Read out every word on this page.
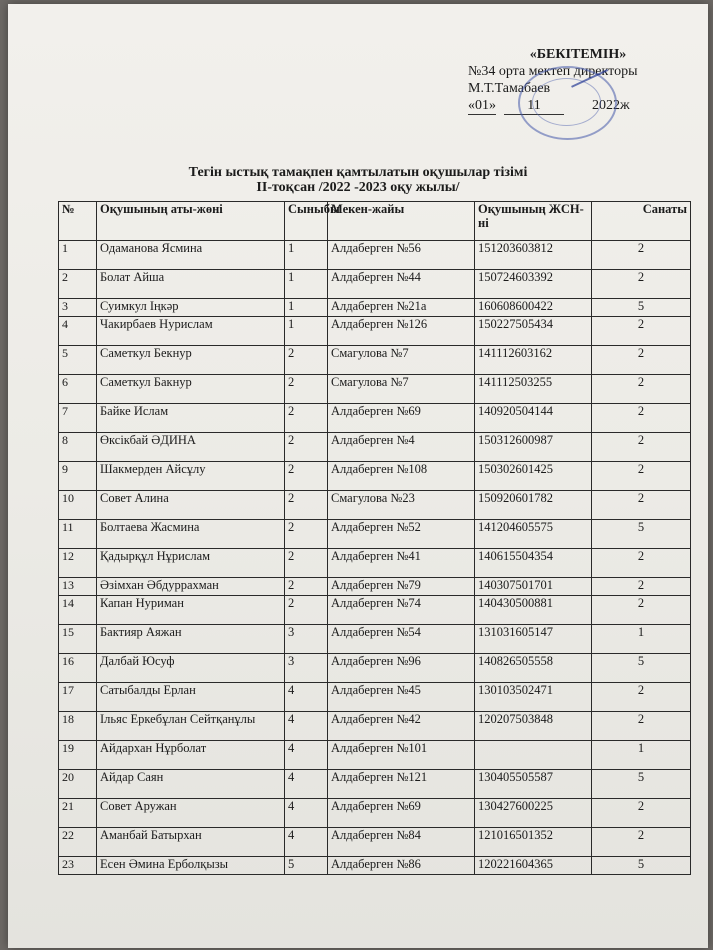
«БЕКІТЕМІН»
№34 орта мектеп директоры
М.Т.Тамабаев
«01»	11	2022ж
Тегін ыстық тамақпен қамтылатын оқушылар тізімі
ІІ-тоқсан /2022 -2023 оқу жылы/
№	Оқушының аты-жөні	Сыныбы	Мекен-жайы	Оқушының ЖСН-ні	Санаты
1	Одаманова Ясмина	1	Алдаберген №56	151203603812	2
2	Болат Айша	1	Алдаберген №44	150724603392	2
3	Суимкул Іңкәр	1	Алдаберген №21а	160608600422	5
4	Чакирбаев Нурислам	1	Алдаберген №126	150227505434	2
5	Саметкул Бекнур	2	Смагулова №7	141112603162	2
6	Саметкул Бакнур	2	Смагулова №7	141112503255	2
7	Байке Ислам	2	Алдаберген №69	140920504144	2
8	Өксікбай ӘДИНА	2	Алдаберген №4	150312600987	2
9	Шакмерден Айсұлу	2	Алдаберген №108	150302601425	2
10	Совет Алина	2	Смагулова №23	150920601782	2
11	Болтаева Жасмина	2	Алдаберген №52	141204605575	5
12	Қадырқұл Нұрислам	2	Алдаберген №41	140615504354	2
13	Әзімхан Әбдуррахман	2	Алдаберген №79	140307501701	2
14	Капан Нуриман	2	Алдаберген №74	140430500881	2
15	Бактияр Аяжан	3	Алдаберген №54	131031605147	1
16	Далбай Юсуф	3	Алдаберген №96	140826505558	5
17	Сатыбалды Ерлан	4	Алдаберген №45	130103502471	2
18	Ільяс Еркебұлан Сейтқанұлы	4	Алдаберген №42	120207503848	2
19	Айдархан Нұрболат	4	Алдаберген №101		1
20	Айдар Саян	4	Алдаберген №121	130405505587	5
21	Совет Аружан	4	Алдаберген №69	130427600225	2
22	Аманбай Батырхан	4	Алдаберген №84	121016501352	2
23	Есен Әмина Ерболқызы	5	Алдаберген №86	120221604365	5
